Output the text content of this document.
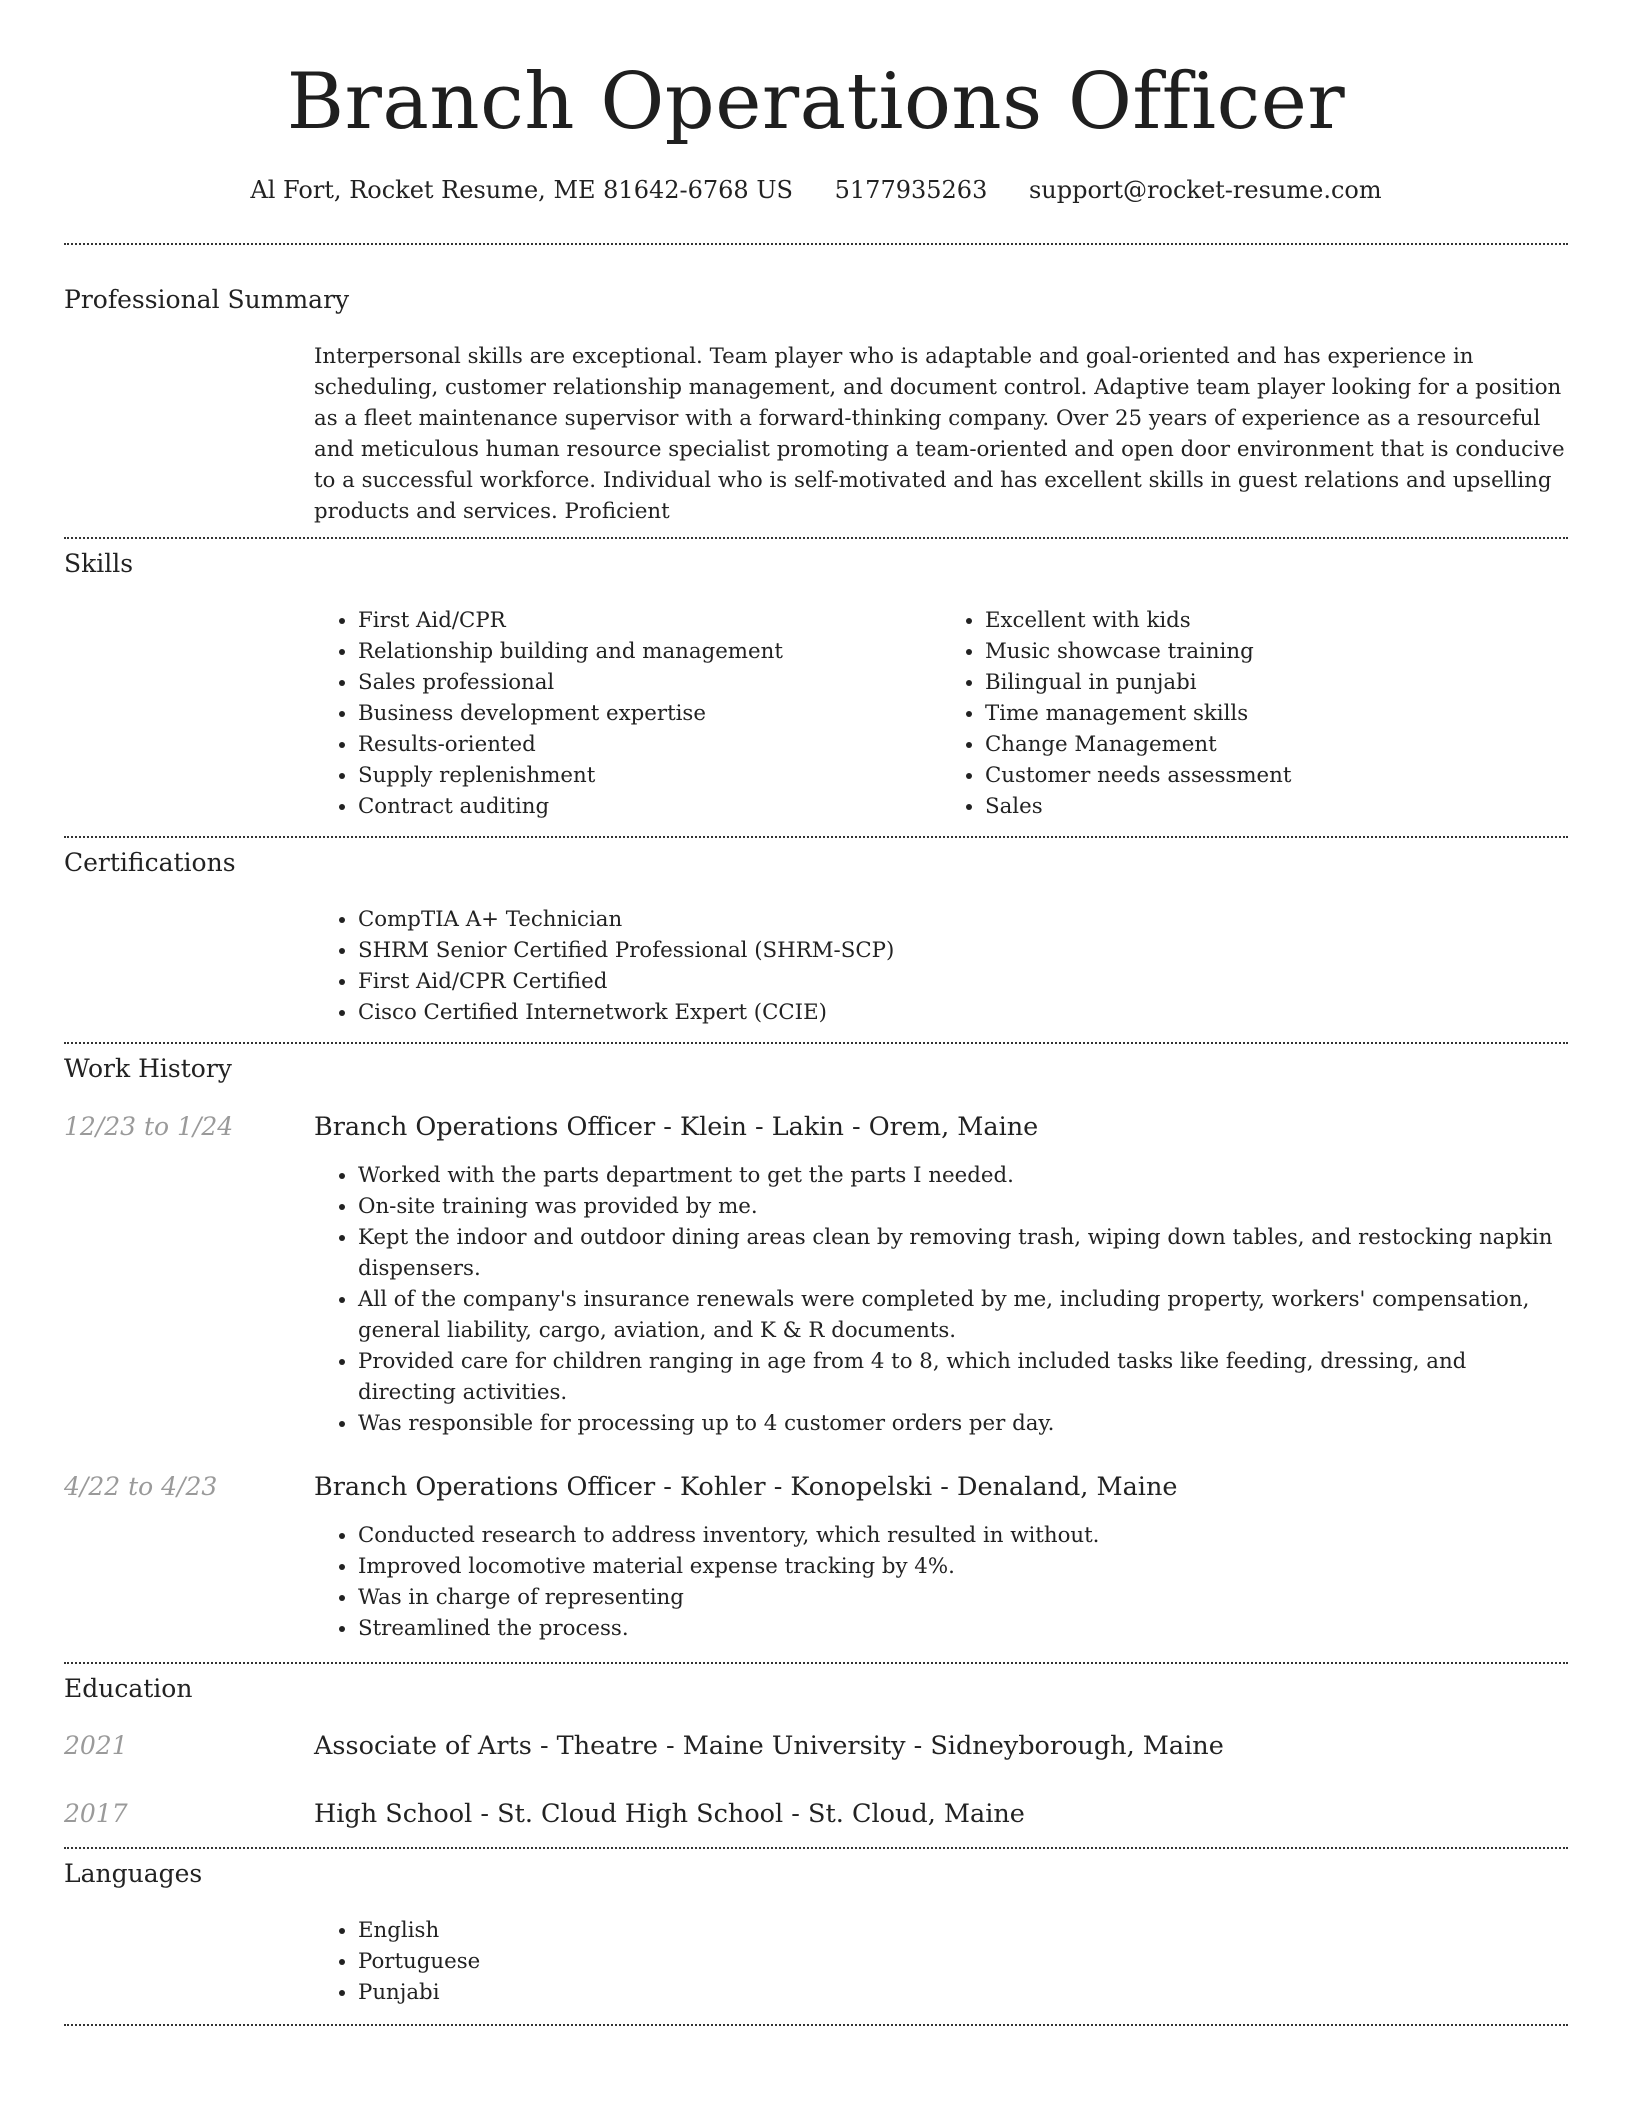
Branch Operations Officer
Al Fort, Rocket Resume, ME 81642-6768 US 5177935263 support@rocket-resume.com
Professional Summary

Interpersonal skills are exceptional. Team player who is adaptable and goal-oriented and has experience in scheduling, customer relationship management, and document control. Adaptive team player looking for a position as a fleet maintenance supervisor with a forward-thinking company. Over 25 years of experience as a resourceful and meticulous human resource specialist promoting a team-oriented and open door environment that is conducive to a successful workforce. Individual who is self-motivated and has excellent skills in guest relations and upselling products and services. Proficient

Skills
• First Aid/CPR
• Relationship building and management
• Sales professional
• Business development expertise
• Results-oriented
• Supply replenishment
• Contract auditing
• Excellent with kids
• Music showcase training
• Bilingual in punjabi
• Time management skills
• Change Management
• Customer needs assessment
• Sales
Certifications
• CompTIA A+ Technician
• SHRM Senior Certified Professional (SHRM-SCP)
• First Aid/CPR Certified
• Cisco Certified Internetwork Expert (CCIE)
Work History
12/23 to 1/24	Branch Operations Officer - Klein - Lakin - Orem, Maine
• Worked with the parts department to get the parts I needed.
• On-site training was provided by me.
• Kept the indoor and outdoor dining areas clean by removing trash, wiping down tables, and restocking napkin dispensers.
• All of the company's insurance renewals were completed by me, including property, workers' compensation, general liability, cargo, aviation, and K & R documents.
• Provided care for children ranging in age from 4 to 8, which included tasks like feeding, dressing, and directing activities.
• Was responsible for processing up to 4 customer orders per day.
4/22 to 4/23	Branch Operations Officer - Kohler - Konopelski - Denaland, Maine
• Conducted research to address inventory, which resulted in without.
• Improved locomotive material expense tracking by 4%.
• Was in charge of representing
• Streamlined the process.
Education
2021	Associate of Arts - Theatre - Maine University - Sidneyborough, Maine
2017	High School - St. Cloud High School - St. Cloud, Maine
Languages
• English
• Portuguese
• Punjabi
